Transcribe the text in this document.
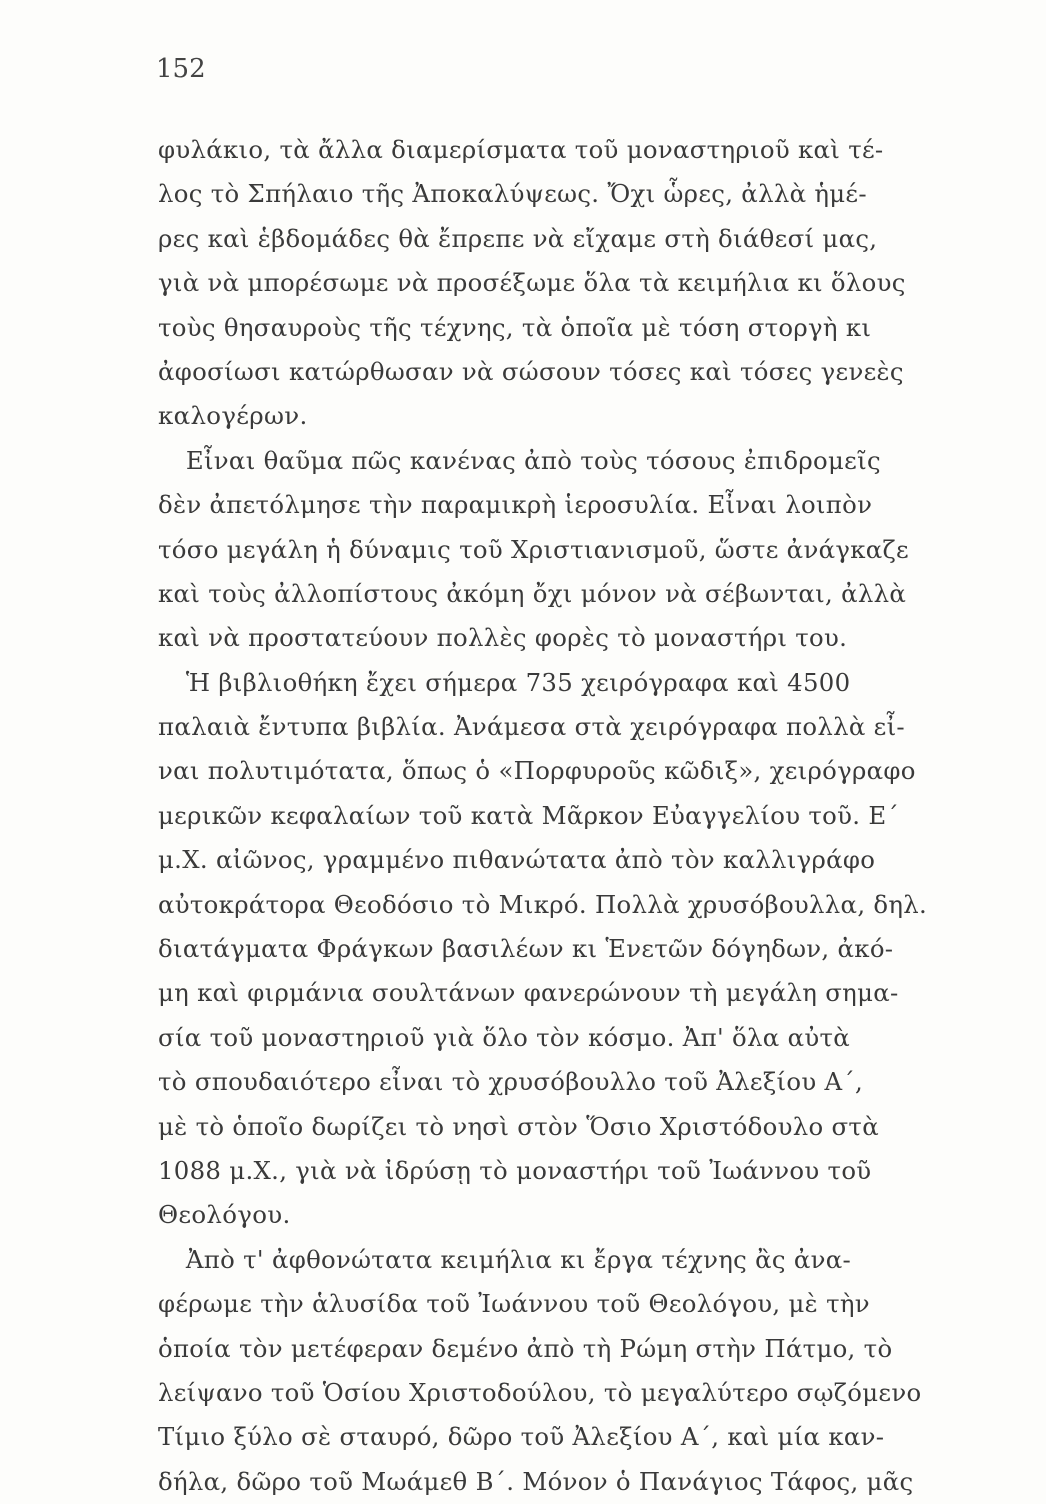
152
φυλάκιο, τὰ ἄλλα διαμερίσματα τοῦ μοναστηριοῦ καὶ τέ-
λος τὸ Σπήλαιο τῆς Ἀποκαλύψεως. Ὄχι ὧρες, ἀλλὰ ἡμέ-
ρες καὶ ἑβδομάδες θὰ ἔπρεπε νὰ εἴχαμε στὴ διάθεσί μας,
γιὰ νὰ μπορέσωμε νὰ προσέξωμε ὅλα τὰ κειμήλια κι ὅλους
τοὺς θησαυροὺς τῆς τέχνης, τὰ ὁποῖα μὲ τόση στοργὴ κι
ἀφοσίωσι κατώρθωσαν νὰ σώσουν τόσες καὶ τόσες γενεὲς
καλογέρων.
Εἶναι θαῦμα πῶς κανένας ἀπὸ τοὺς τόσους ἐπιδρομεῖς
δὲν ἀπετόλμησε τὴν παραμικρὴ ἱεροσυλία. Εἶναι λοιπὸν
τόσο μεγάλη ἡ δύναμις τοῦ Χριστιανισμοῦ, ὥστε ἀνάγκαζε
καὶ τοὺς ἀλλοπίστους ἀκόμη ὄχι μόνον νὰ σέβωνται, ἀλλὰ
καὶ νὰ προστατεύουν πολλὲς φορὲς τὸ μοναστήρι του.
Ἡ βιβλιοθήκη ἔχει σήμερα 735 χειρόγραφα καὶ 4500
παλαιὰ ἔντυπα βιβλία. Ἀνάμεσα στὰ χειρόγραφα πολλὰ εἶ-
ναι πολυτιμότατα, ὅπως ὁ «Πορφυροῦς κῶδιξ», χειρόγραφο
μερικῶν κεφαλαίων τοῦ κατὰ Μᾶρκον Εὐαγγελίου τοῦ. Ε΄
μ.Χ. αἰῶνος, γραμμένο πιθανώτατα ἀπὸ τὸν καλλιγράφο
αὐτοκράτορα Θεοδόσιο τὸ Μικρό. Πολλὰ χρυσόβουλλα, δηλ.
διατάγματα Φράγκων βασιλέων κι Ἑνετῶν δόγηδων, ἀκό-
μη καὶ φιρμάνια σουλτάνων φανερώνουν τὴ μεγάλη σημα-
σία τοῦ μοναστηριοῦ γιὰ ὅλο τὸν κόσμο. Ἀπ' ὅλα αὐτὰ
τὸ σπουδαιότερο εἶναι τὸ χρυσόβουλλο τοῦ Ἀλεξίου Α΄,
μὲ τὸ ὁποῖο δωρίζει τὸ νησὶ στὸν Ὅσιο Χριστόδουλο στὰ
1088 μ.Χ., γιὰ νὰ ἱδρύσῃ τὸ μοναστήρι τοῦ Ἰωάννου τοῦ
Θεολόγου.
Ἀπὸ τ' ἀφθονώτατα κειμήλια κι ἔργα τέχνης ἂς ἀνα-
φέρωμε τὴν ἁλυσίδα τοῦ Ἰωάννου τοῦ Θεολόγου, μὲ τὴν
ὁποία τὸν μετέφεραν δεμένο ἀπὸ τὴ Ρώμη στὴν Πάτμο, τὸ
λείψανο τοῦ Ὁσίου Χριστοδούλου, τὸ μεγαλύτερο σῳζόμενο
Τίμιο ξύλο σὲ σταυρό, δῶρο τοῦ Ἀλεξίου Α΄, καὶ μία καν-
δήλα, δῶρο τοῦ Μωάμεθ Β΄. Μόνον ὁ Πανάγιος Τάφος, μᾶς
